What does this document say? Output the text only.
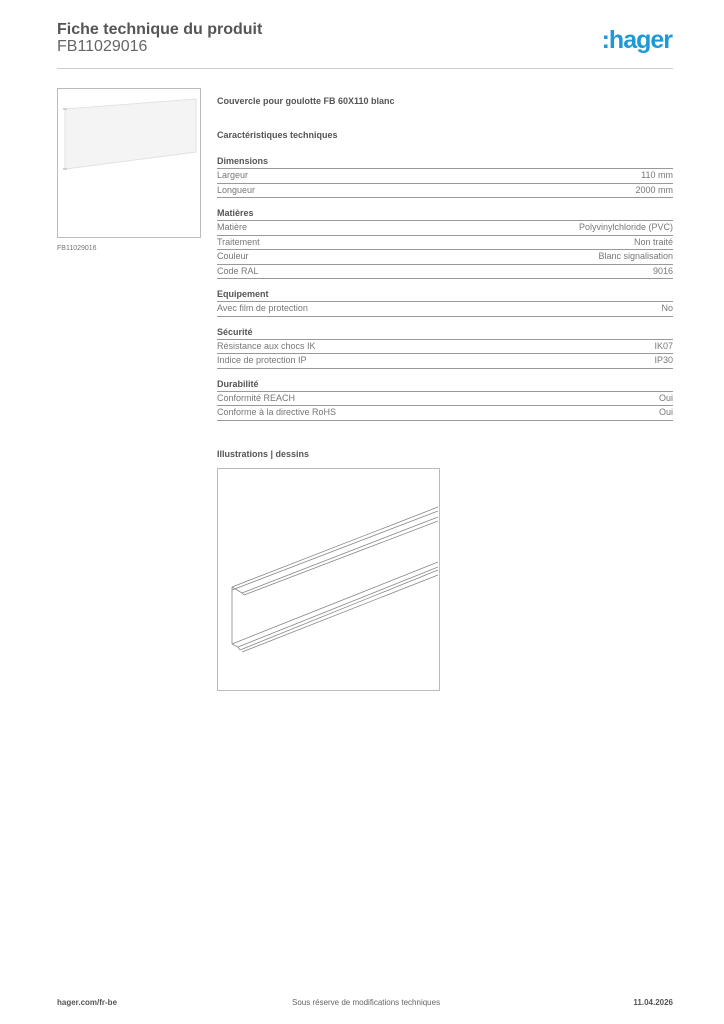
Fiche technique du produit
FB11029016	:hager
FB11029016
Couvercle pour goulotte FB 60X110 blanc
Caractéristiques techniques
Dimensions
Largeur	110 mm
Longueur	2000 mm
Matières
Matière	Polyvinylchloride (PVC)
Traitement	Non traité
Couleur	Blanc signalisation
Code RAL	9016
Equipement
Avec film de protection	No
Sécurité
Résistance aux chocs IK	IK07
Indice de protection IP	IP30
Durabilité
Conformité REACH	Oui
Conforme à la directive RoHS	Oui
Illustrations | dessins
hager.com/fr-be	Sous réserve de modifications techniques	11.04.2026
